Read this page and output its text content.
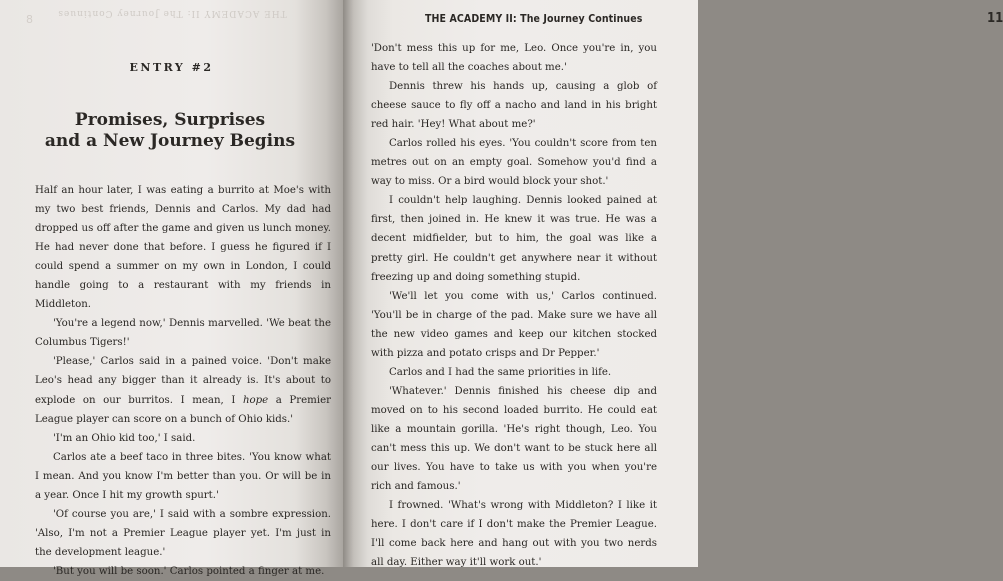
THE ACADEMY II: The Journey Continues
8
ENTRY #2
Promises, Surprises
and a New Journey Begins

Half an hour later, I was eating a burrito at Moe's with my two best friends, Dennis and Carlos. My dad had dropped us off after the game and given us lunch money. He had never done that before. I guess he figured if I could spend a summer on my own in London, I could handle going to a restaurant with my friends in Middleton.

'You're a legend now,' Dennis marvelled. 'We beat the Columbus Tigers!'

'Please,' Carlos said in a pained voice. 'Don't make Leo's head any bigger than it already is. It's about to explode on our burritos. I mean, I hope a Premier League player can score on a bunch of Ohio kids.'

'I'm an Ohio kid too,' I said.

Carlos ate a beef taco in three bites. 'You know what I mean. And you know I'm better than you. Or will be in a year. Once I hit my growth spurt.'

'Of course you are,' I said with a sombre expression. 'Also, I'm not a Premier League player yet. I'm just in the development league.'

'But you will be soon.' Carlos pointed a finger at me.

THE ACADEMY II: The Journey Continues	11

'Don't mess this up for me, Leo. Once you're in, you have to tell all the coaches about me.'

Dennis threw his hands up, causing a glob of cheese sauce to fly off a nacho and land in his bright red hair. 'Hey! What about me?'

Carlos rolled his eyes. 'You couldn't score from ten metres out on an empty goal. Somehow you'd find a way to miss. Or a bird would block your shot.'

I couldn't help laughing. Dennis looked pained at first, then joined in. He knew it was true. He was a decent midfielder, but to him, the goal was like a pretty girl. He couldn't get anywhere near it without freezing up and doing something stupid.

'We'll let you come with us,' Carlos continued. 'You'll be in charge of the pad. Make sure we have all the new video games and keep our kitchen stocked with pizza and potato crisps and Dr Pepper.'

Carlos and I had the same priorities in life.

'Whatever.' Dennis finished his cheese dip and moved on to his second loaded burrito. He could eat like a mountain gorilla. 'He's right though, Leo. You can't mess this up. We don't want to be stuck here all our lives. You have to take us with you when you're rich and famous.'

I frowned. 'What's wrong with Middleton? I like it here. I don't care if I don't make the Premier League. I'll come back here and hang out with you two nerds all day. Either way it'll work out.'
